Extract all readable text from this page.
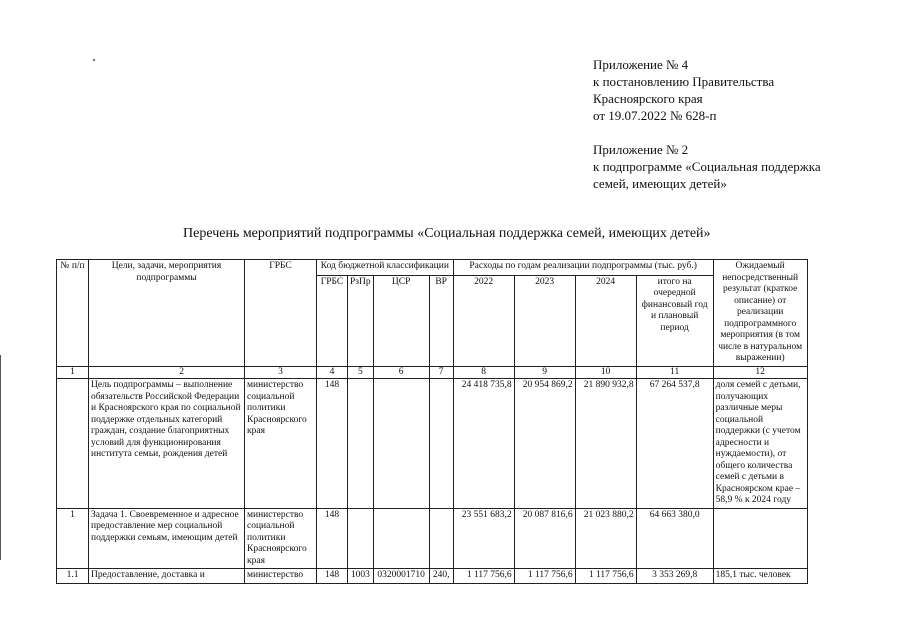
Приложение № 4
к постановлению Правительства
Красноярского края
от 19.07.2022 № 628-п
Приложение № 2
к подпрограмме «Социальная поддержка
семей, имеющих детей»
Перечень мероприятий подпрограммы «Социальная поддержка семей, имеющих детей»
№ п/п	Цели, задачи, мероприятия подпрограммы	ГРБС	Код бюджетной классификации				Расходы по годам реализации подпрограммы (тыс. руб.)				Ожидаемый непосредственный результат (краткое описание) от реализации подпрограммного мероприятия (в том числе в натуральном выражении)
			ГРБС	РзПр	ЦСР	ВР	2022	2023	2024	итого на очередной финансовый год и плановый период	
1	2	3	4	5	6	7	8	9	10	11	12
	Цель подпрограммы – выполнение обязательств Российской Федерации и Красноярского края по социальной поддержке отдельных категорий граждан, создание благоприятных условий для функционирования института семьи, рождения детей	министерство социальной политики Красноярского края	148				24 418 735,8	20 954 869,2	21 890 932,8	67 264 537,8	доля семей с детьми, получающих различные меры социальной поддержки (с учетом адресности и нуждаемости), от общего количества семей с детьми в Красноярском крае – 58,9 % к 2024 году
1	Задача 1. Своевременное и адресное предоставление мер социальной поддержки семьям, имеющим детей	министерство социальной политики Красноярского края	148				23 551 683,2	20 087 816,6	21 023 880,2	64 663 380,0	
1.1	Предоставление, доставка и	министерство	148	1003	0320001710	240,	1 117 756,6	1 117 756,6	1 117 756,6	3 353 269,8	185,1 тыс. человек
